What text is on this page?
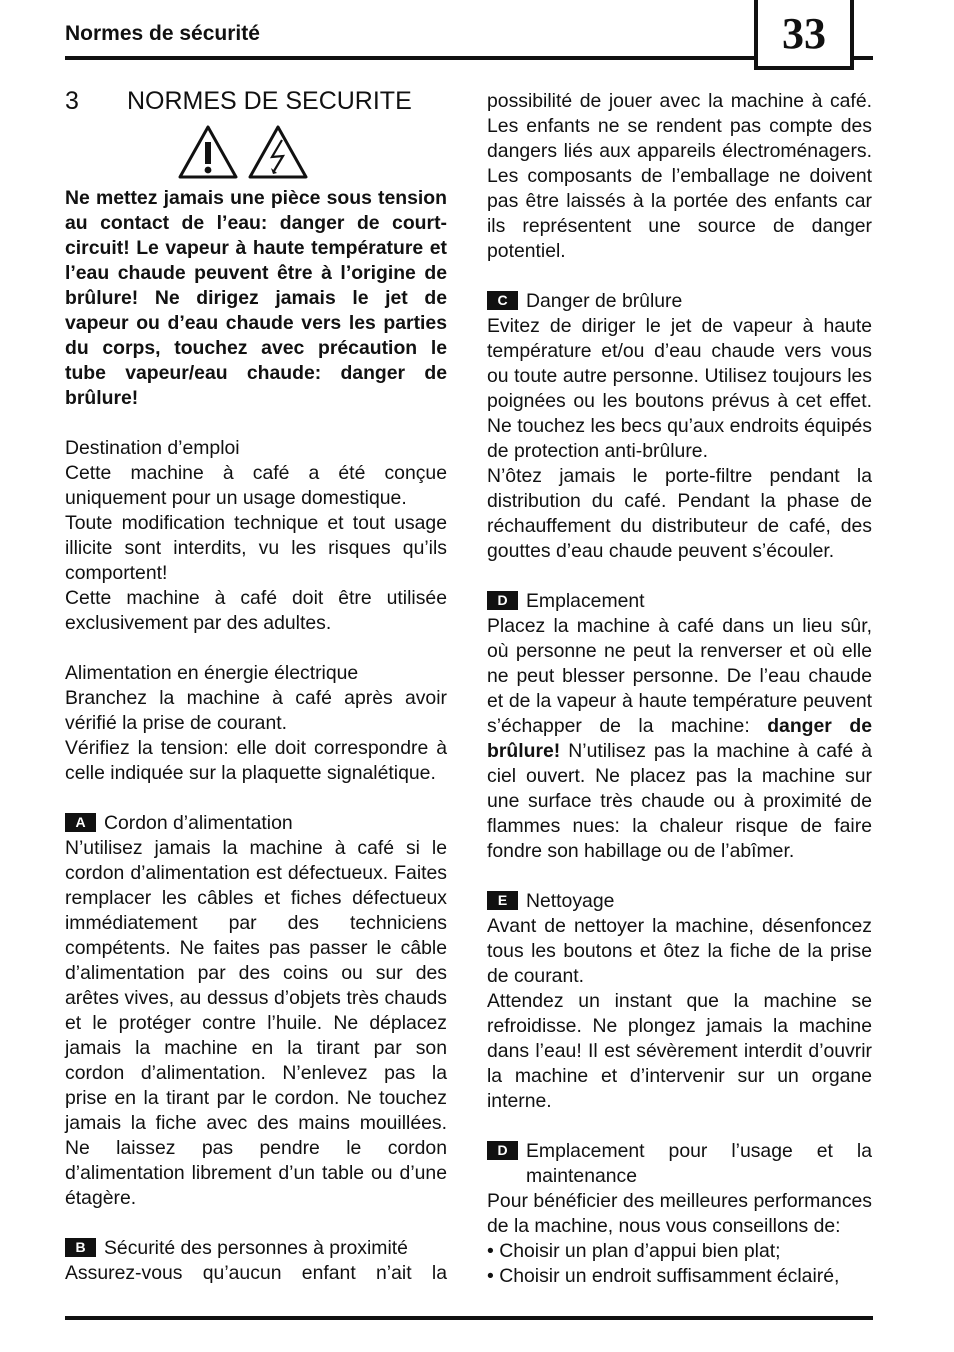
Normes de sécurité	33
3	NORMES DE SECURITE

Ne mettez jamais une pièce sous tension au contact de l’eau: danger de court-circuit! Le vapeur à haute température et l’eau chaude peuvent être à l’origine de brûlure! Ne dirigez jamais le jet de vapeur ou d’eau chaude vers les parties du corps, touchez avec précaution le tube vapeur/eau chaude: danger de brûlure!

Destination d’emploi

Cette machine à café a été conçue uniquement pour un usage domestique.

Toute modification technique et tout usage illicite sont interdits, vu les risques qu’ils comportent!

Cette machine à café doit être utilisée exclusivement par des adultes.

Alimentation en énergie électrique

Branchez la machine à café après avoir vérifié la prise de courant.

Vérifiez la tension: elle doit correspondre à celle indiquée sur la plaquette signalétique.

A Cordon d’alimentation

N’utilisez jamais la machine à café si le cordon d’alimentation est défectueux. Faites remplacer les câbles et fiches défectueux immédiatement par des techniciens compétents. Ne faites pas passer le câble d’alimentation par des coins ou sur des arêtes vives, au dessus d’objets très chauds et le protéger contre l’huile. Ne déplacez jamais la machine en la tirant par son cordon d’alimentation. N’enlevez pas la prise en la tirant par le cordon. Ne touchez jamais la fiche avec des mains mouillées. Ne laissez pas pendre le cordon d’alimentation librement d’un table ou d’une étagère.

B Sécurité des personnes à proximité

Assurez-vous qu’aucun enfant n’ait la

possibilité de jouer avec la machine à café. Les enfants ne se rendent pas compte des dangers liés aux appareils électroménagers. Les composants de l’emballage ne doivent pas être laissés à la portée des enfants car ils représentent une source de danger potentiel.

C Danger de brûlure

Evitez de diriger le jet de vapeur à haute température et/ou d’eau chaude vers vous ou toute autre personne. Utilisez toujours les poignées ou les boutons prévus à cet effet. Ne touchez les becs qu’aux endroits équipés de protection anti-brûlure.

N’ôtez jamais le porte-filtre pendant la distribution du café. Pendant la phase de réchauffement du distributeur de café, des gouttes d’eau chaude peuvent s’écouler.

D Emplacement

Placez la machine à café dans un lieu sûr, où personne ne peut la renverser et où elle ne peut blesser personne. De l’eau chaude et de la vapeur à haute température peuvent s’échapper de la machine: danger de brûlure! N’utilisez pas la machine à café à ciel ouvert. Ne placez pas la machine sur une surface très chaude ou à proximité de flammes nues: la chaleur risque de faire fondre son habillage ou de l’abîmer.

E Nettoyage

Avant de nettoyer la machine, désenfoncez tous les boutons et ôtez la fiche de la prise de courant.

Attendez un instant que la machine se refroidisse. Ne plongez jamais la machine dans l’eau! Il est sévèrement interdit d’ouvrir la machine et d’intervenir sur un organe interne.

D Emplacement pour l’usage et la maintenance

Pour bénéficier des meilleures performances de la machine, nous vous conseillons de:

• Choisir un plan d’appui bien plat;
• Choisir un endroit suffisamment éclairé,
